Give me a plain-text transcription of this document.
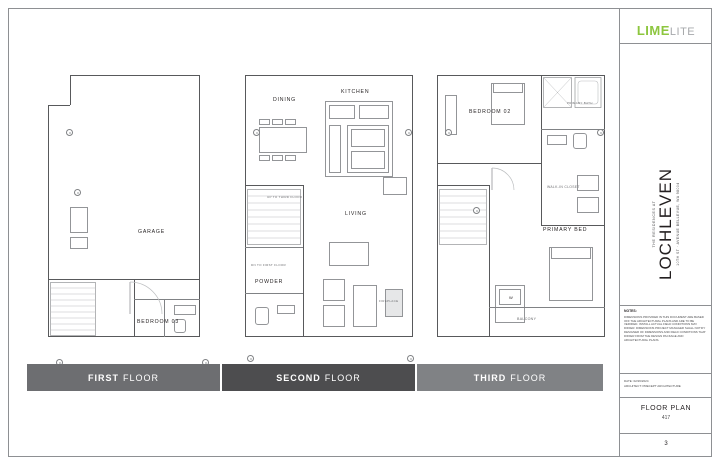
GARAGE
BEDROOM 03
DINING
KITCHEN
LIVING
POWDER
UP TO THIRD FLOOR
DN TO FIRST FLOOR
FIREPLACE
BEDROOM 02
PRIMARY BED
WALK-IN CLOSET
BALCONY
PRIMARY BATH
W
FIRST FLOOR	SECOND FLOOR	THIRD FLOOR
LIMELITE
THE RESIDENCES AT LOCHLEVEN 10TH ST · AVENUE BELLEVUE, WA 98004
NOTES:
DIMENSIONS PROVIDED IN THIS DOCUMENT ARE BASED OFF THE ARCHITECTURAL PLANS AND ARE TO BE VERIFIED. INSTALL ACTUAL FIELD CONDITIONS MAY DIFFER. DIMENSIONS PROJECT MANAGER SHALL NOTIFY DESIGNER OF DIMENSIONS AND FIELD CONDITIONS THAT DIFFER FROM THE DESIGN PACKAGE AND ARCHITECTURAL PLANS.
DATE: 02/26/2024
ARCHITECT: PRECEPT ARCHITECTURE
FLOOR PLAN
417
3
